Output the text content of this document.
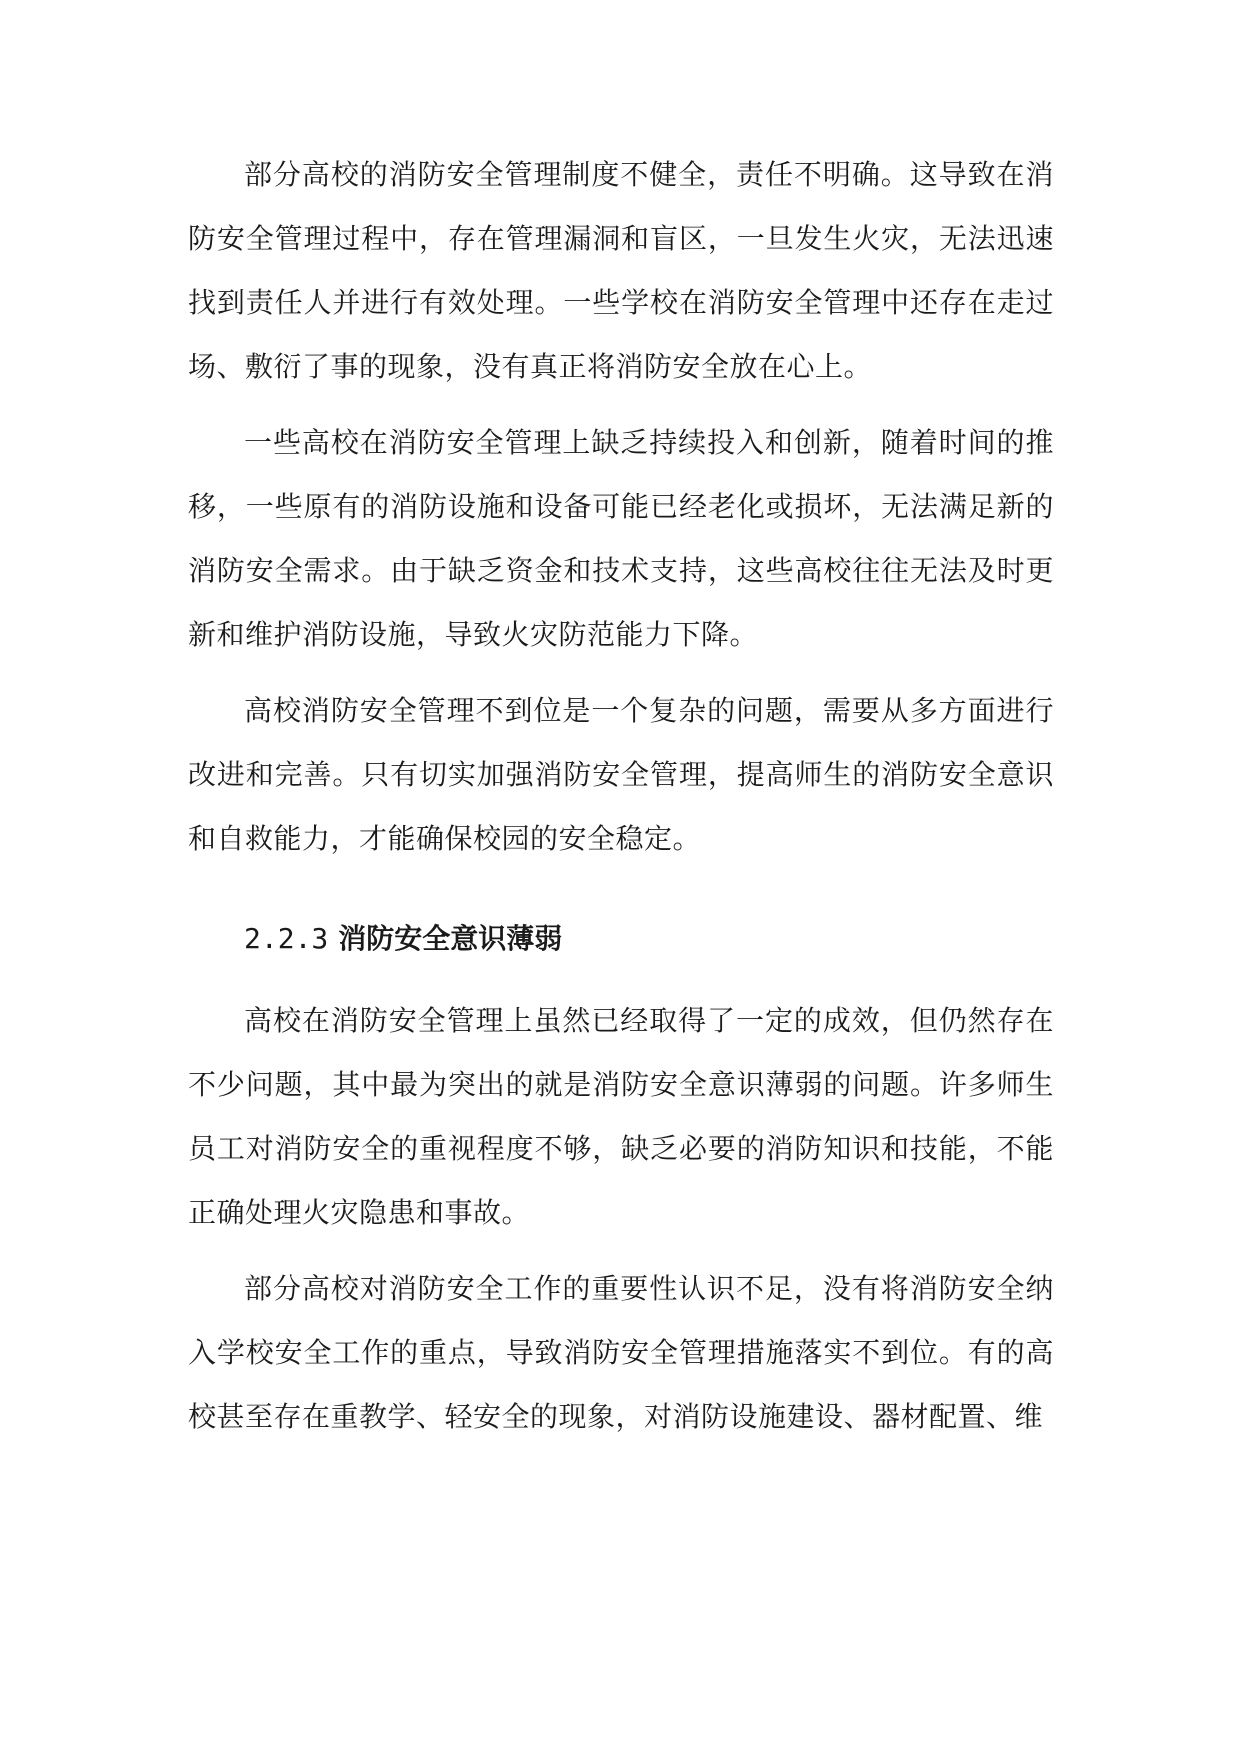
部分高校的消防安全管理制度不健全，责任不明确。这导致在消防安全管理过程中，存在管理漏洞和盲区，一旦发生火灾，无法迅速找到责任人并进行有效处理。一些学校在消防安全管理中还存在走过场、敷衍了事的现象，没有真正将消防安全放在心上。

一些高校在消防安全管理上缺乏持续投入和创新，随着时间的推移，一些原有的消防设施和设备可能已经老化或损坏，无法满足新的消防安全需求。由于缺乏资金和技术支持，这些高校往往无法及时更新和维护消防设施，导致火灾防范能力下降。

高校消防安全管理不到位是一个复杂的问题，需要从多方面进行改进和完善。只有切实加强消防安全管理，提高师生的消防安全意识和自救能力，才能确保校园的安全稳定。

2.2.3 消防安全意识薄弱

高校在消防安全管理上虽然已经取得了一定的成效，但仍然存在不少问题，其中最为突出的就是消防安全意识薄弱的问题。许多师生员工对消防安全的重视程度不够，缺乏必要的消防知识和技能，不能正确处理火灾隐患和事故。

部分高校对消防安全工作的重要性认识不足，没有将消防安全纳入学校安全工作的重点，导致消防安全管理措施落实不到位。有的高校甚至存在重教学、轻安全的现象，对消防设施建设、器材配置、维
